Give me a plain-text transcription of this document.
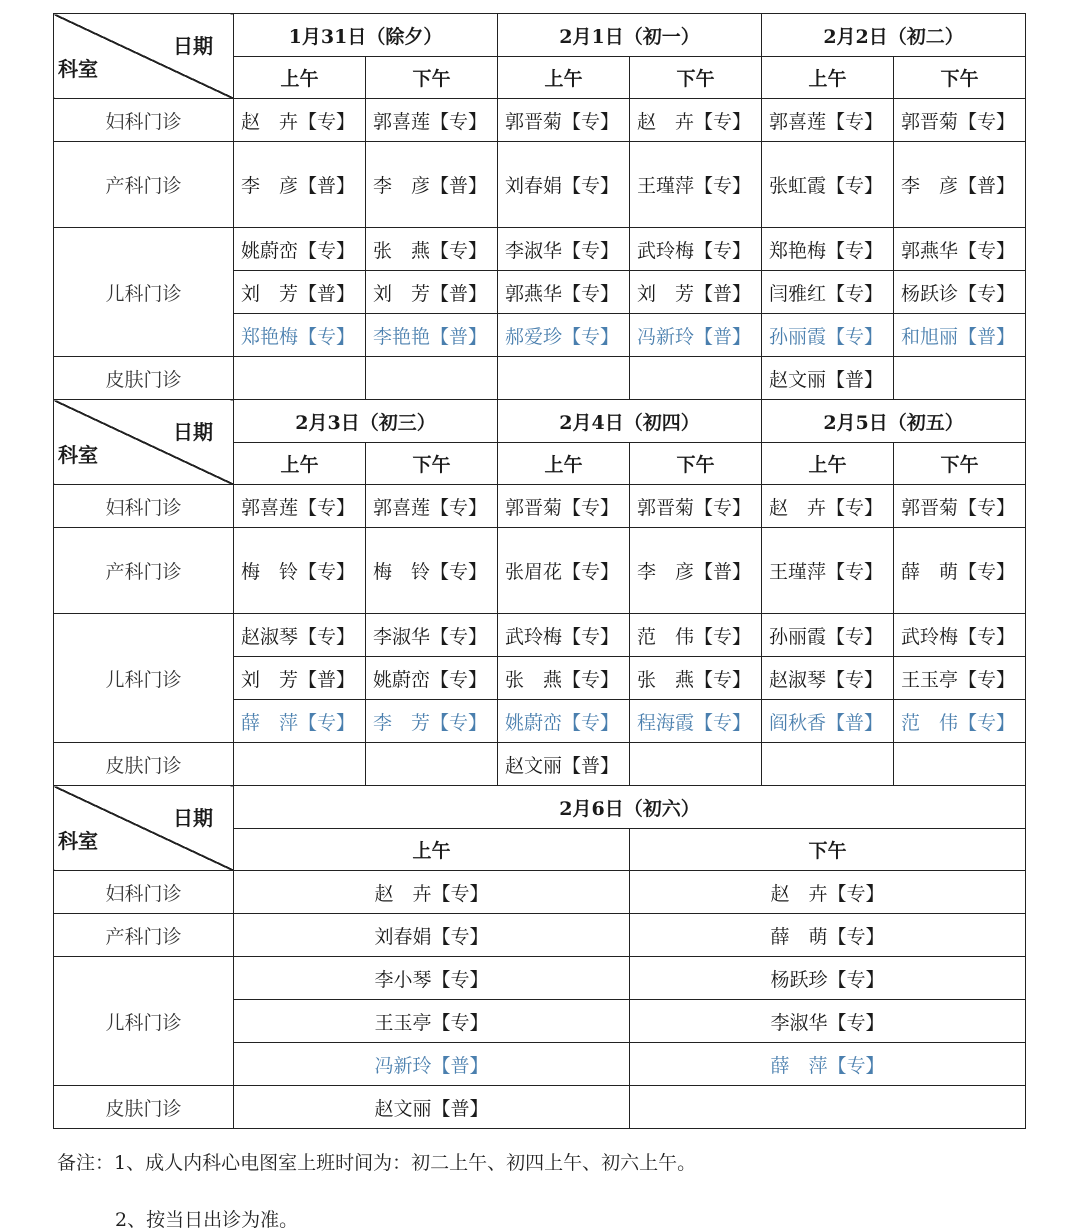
日期
科室	1月31日（除夕）		2月1日（初一）		2月2日（初二）	
	上午	下午	上午	下午	上午	下午
妇科门诊	赵　卉【专】	郭喜莲【专】	郭晋菊【专】	赵　卉【专】	郭喜莲【专】	郭晋菊【专】
产科门诊	李　彦【普】	李　彦【普】	刘春娟【专】	王瑾萍【专】	张虹霞【专】	李　彦【普】
儿科门诊	姚蔚峦【专】	张　燕【专】	李淑华【专】	武玲梅【专】	郑艳梅【专】	郭燕华【专】
	刘　芳【普】	刘　芳【普】	郭燕华【专】	刘　芳【普】	闫雅红【专】	杨跃诊【专】
	郑艳梅【专】	李艳艳【普】	郝爱珍【专】	冯新玲【普】	孙丽霞【专】	和旭丽【普】
皮肤门诊					赵文丽【普】	
日期
科室	2月3日（初三）		2月4日（初四）		2月5日（初五）	
	上午	下午	上午	下午	上午	下午
妇科门诊	郭喜莲【专】	郭喜莲【专】	郭晋菊【专】	郭晋菊【专】	赵　卉【专】	郭晋菊【专】
产科门诊	梅　铃【专】	梅　铃【专】	张眉花【专】	李　彦【普】	王瑾萍【专】	薛　萌【专】
儿科门诊	赵淑琴【专】	李淑华【专】	武玲梅【专】	范　伟【专】	孙丽霞【专】	武玲梅【专】
	刘　芳【普】	姚蔚峦【专】	张　燕【专】	张　燕【专】	赵淑琴【专】	王玉亭【专】
	薛　萍【专】	李　芳【专】	姚蔚峦【专】	程海霞【专】	阎秋香【普】	范　伟【专】
皮肤门诊			赵文丽【普】			
日期
科室	2月6日（初六）	
	上午	下午
妇科门诊	赵　卉【专】	赵　卉【专】
产科门诊	刘春娟【专】	薛　萌【专】
儿科门诊	李小琴【专】	杨跃珍【专】
	王玉亭【专】	李淑华【专】
	冯新玲【普】	薛　萍【专】
皮肤门诊	赵文丽【普】	
备注：1、成人内科心电图室上班时间为：初二上午、初四上午、初六上午。
2、按当日出诊为准。
